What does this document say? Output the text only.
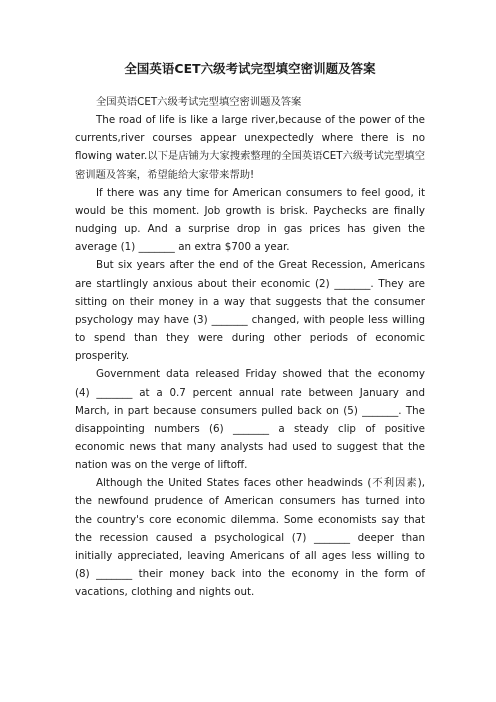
全国英语CET六级考试完型填空密训题及答案

全国英语CET六级考试完型填空密训题及答案

The road of life is like a large river,because of the power of the currents,river courses appear unexpectedly where there is no flowing water.以下是店铺为大家搜索整理的全国英语CET六级考试完型填空密训题及答案，希望能给大家带来帮助!

If there was any time for American consumers to feel good, it would be this moment. Job growth is brisk. Paychecks are finally nudging up. And a surprise drop in gas prices has given the average (1) _______ an extra $700 a year.

But six years after the end of the Great Recession, Americans are startlingly anxious about their economic (2) _______. They are sitting on their money in a way that suggests that the consumer psychology may have (3) _______ changed, with people less willing to spend than they were during other periods of economic prosperity.

Government data released Friday showed that the economy (4) _______ at a 0.7 percent annual rate between January and March, in part because consumers pulled back on (5) _______. The disappointing numbers (6) _______ a steady clip of positive economic news that many analysts had used to suggest that the nation was on the verge of liftoff.

Although the United States faces other headwinds (不利因素), the newfound prudence of American consumers has turned into the country's core economic dilemma. Some economists say that the recession caused a psychological (7) _______ deeper than initially appreciated, leaving Americans of all ages less willing to (8) _______ their money back into the economy in the form of vacations, clothing and nights out.
